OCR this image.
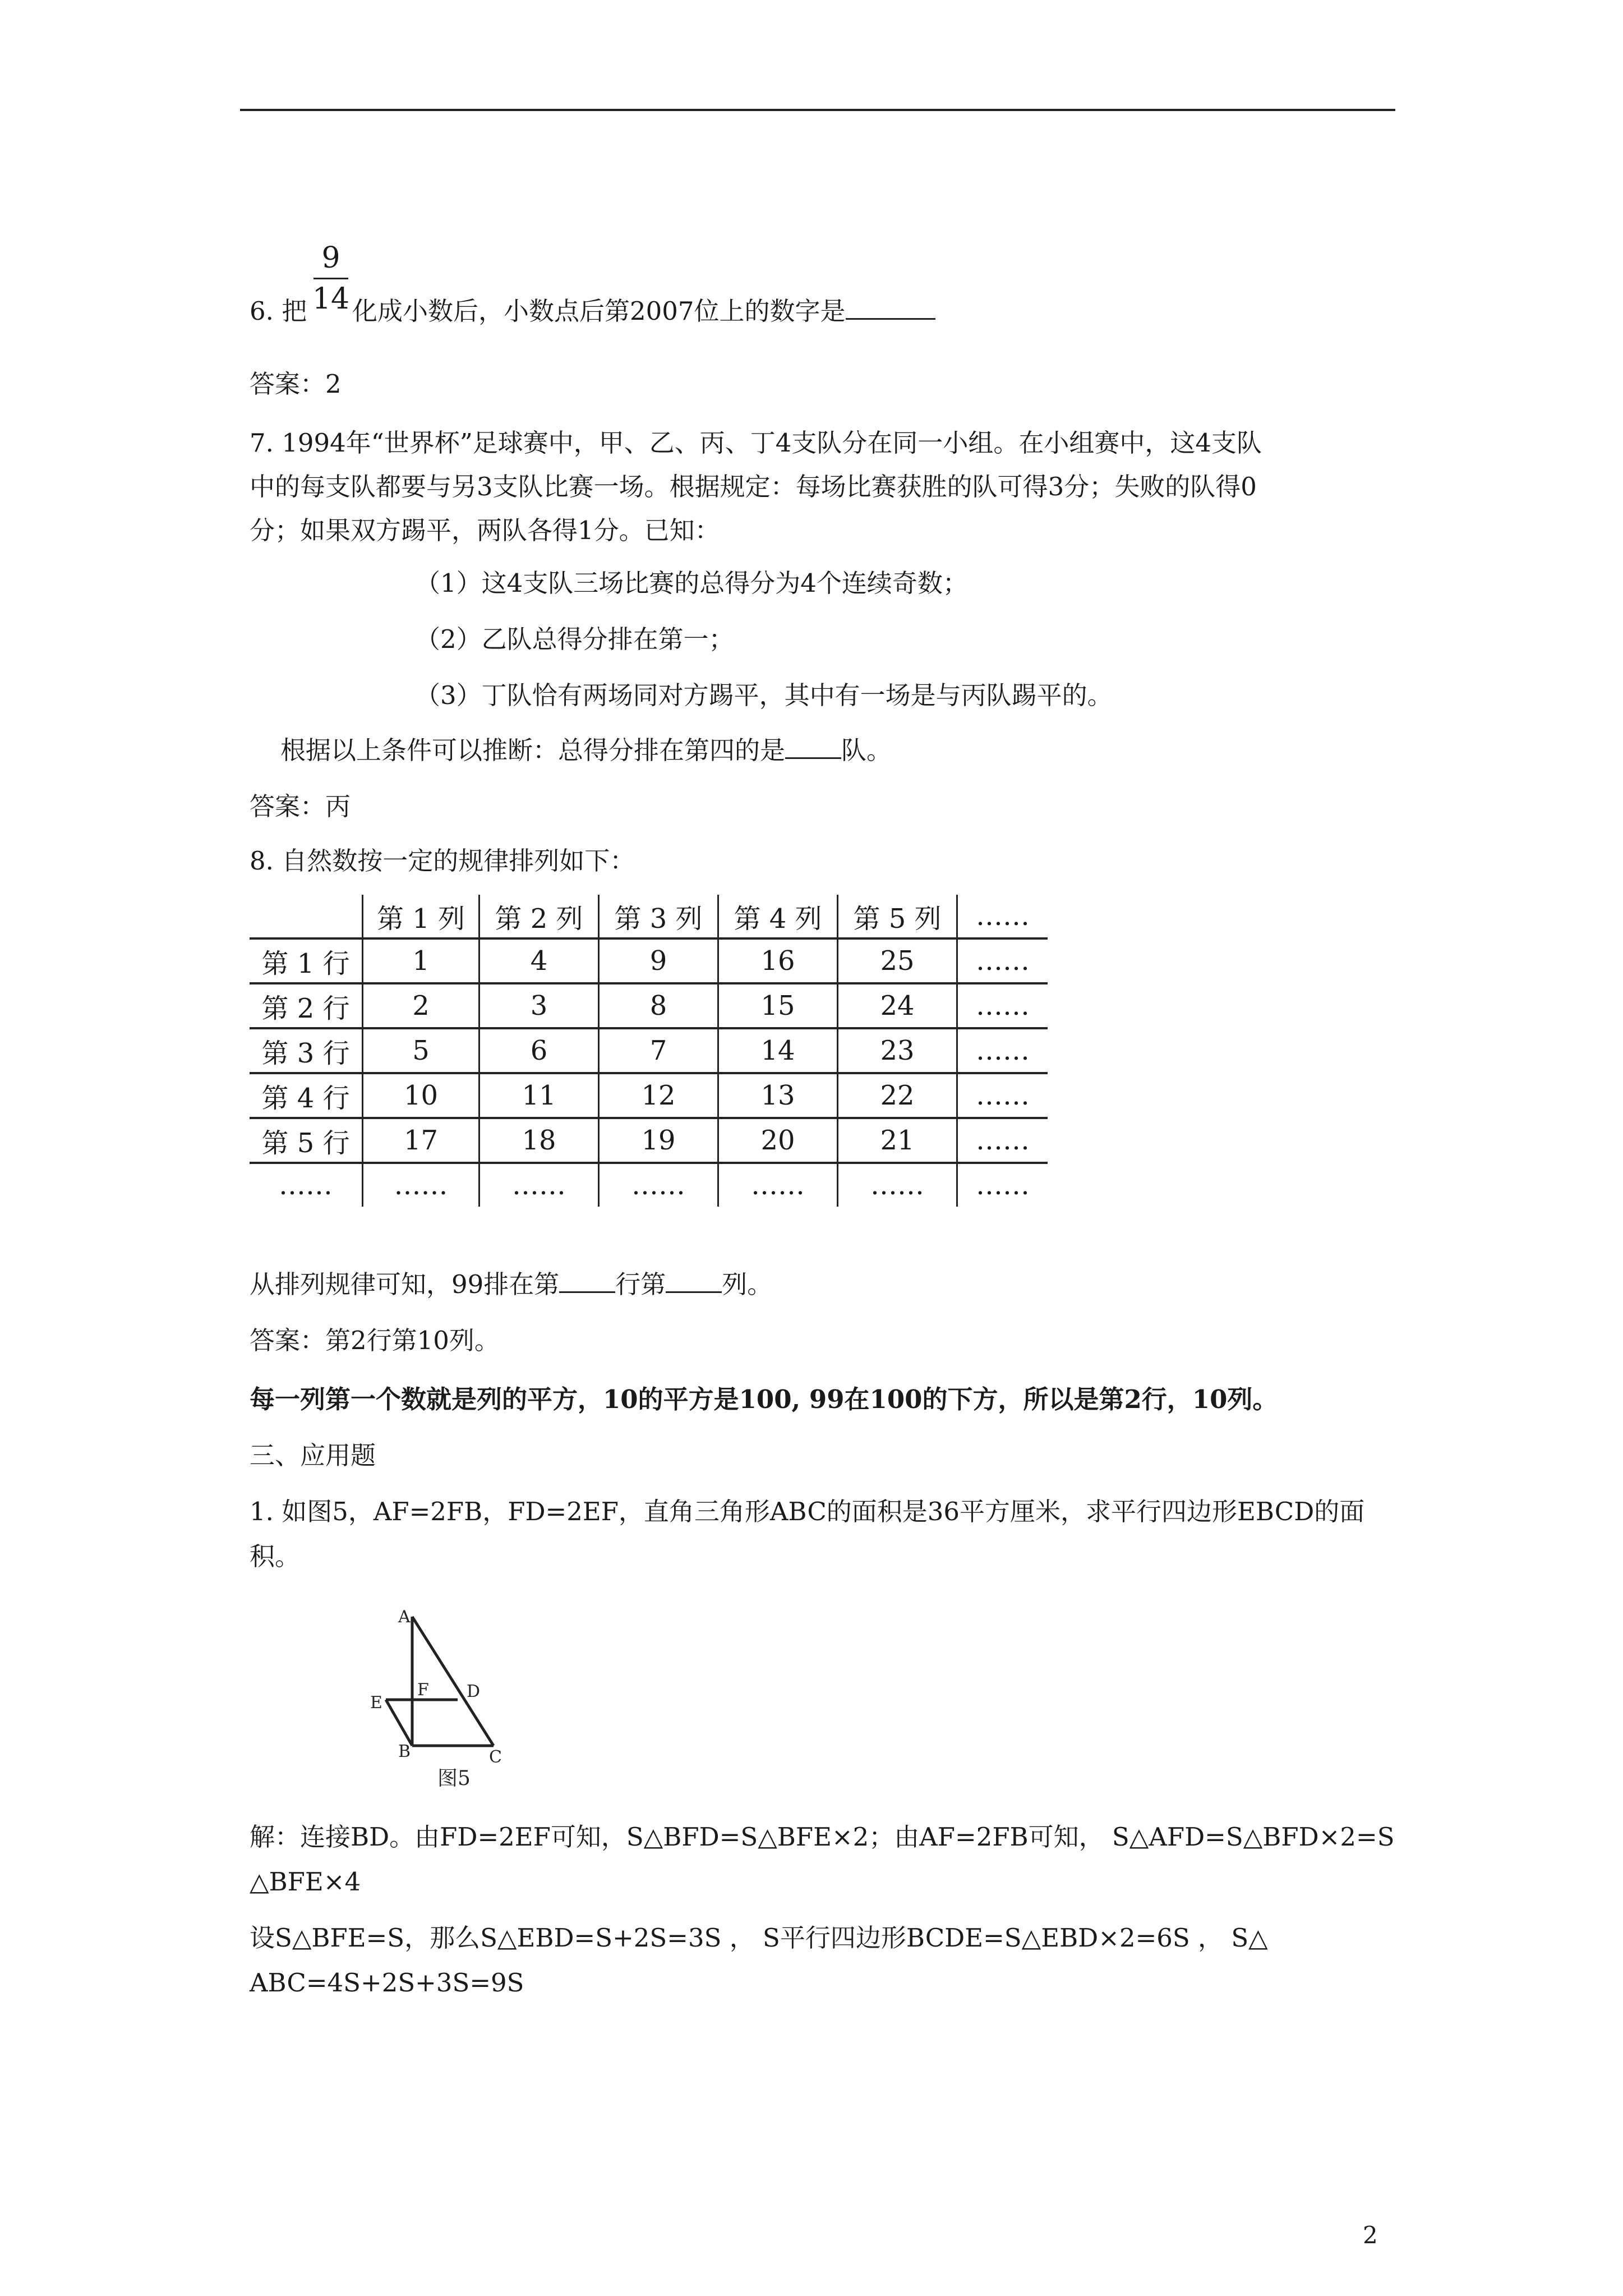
9
14
6. 把 化成小数后，小数点后第2007位上的数字是
答案：2
7. 1994年“世界杯”足球赛中，甲、乙、丙、丁4支队分在同一小组。在小组赛中，这4支队
中的每支队都要与另3支队比赛一场。根据规定：每场比赛获胜的队可得3分；失败的队得0
分；如果双方踢平，两队各得1分。已知：
（1）这4支队三场比赛的总得分为4个连续奇数；
（2）乙队总得分排在第一；
（3）丁队恰有两场同对方踢平，其中有一场是与丙队踢平的。
根据以上条件可以推断：总得分排在第四的是 队。
答案：丙
8. 自然数按一定的规律排列如下：
	第 1 列	第 2 列	第 3 列	第 4 列	第 5 列	……
第 1 行	1	4	9	16	25	……
第 2 行	2	3	8	15	24	……
第 3 行	5	6	7	14	23	……
第 4 行	10	11	12	13	22	……
第 5 行	17	18	19	20	21	……
……	……	……	……	……	……	……
从排列规律可知，99排在第 行第 列。
答案：第2行第10列。
每一列第一个数就是列的平方，10的平方是100, 99在100的下方，所以是第2行，10列。
三、应用题
1. 如图5，AF=2FB，FD=2EF，直角三角形ABC的面积是36平方厘米，求平行四边形EBCD的面
积。
A
F D
E
B	C
图5
解：连接BD。由FD=2EF可知，S△BFD=S△BFE×2；由AF=2FB可知， S△AFD=S△BFD×2=S
△BFE×4
设S△BFE=S，那么S△EBD=S+2S=3S ， S平行四边形BCDE=S△EBD×2=6S ， S△
ABC=4S+2S+3S=9S
2
